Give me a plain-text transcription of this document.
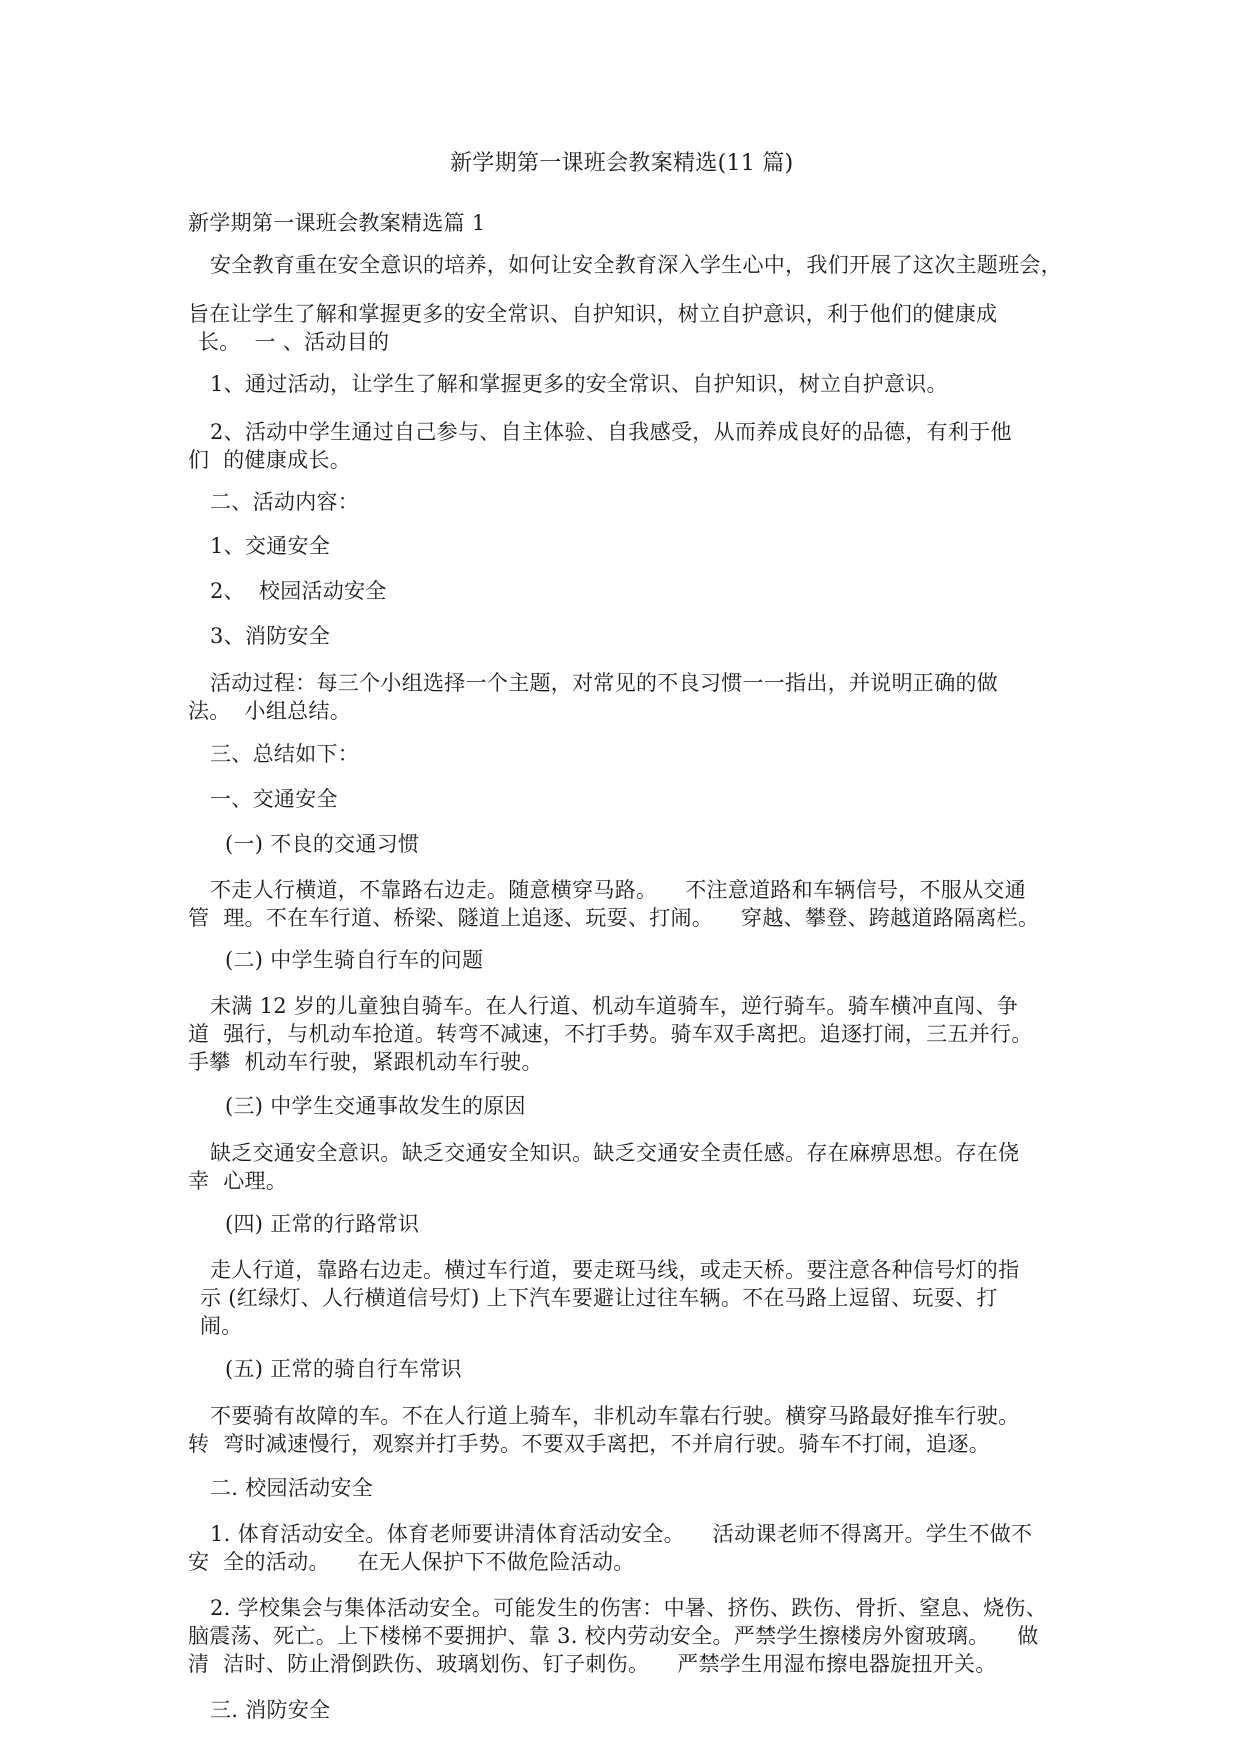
新学期第一课班会教案精选(11 篇)
新学期第一课班会教案精选篇 1
安全教育重在安全意识的培养，如何让安全教育深入学生心中，我们开展了这次主题班会，
旨在让学生了解和掌握更多的安全常识、自护知识，树立自护意识，利于他们的健康成
长。  一 、活动目的
1、通过活动，让学生了解和掌握更多的安全常识、自护知识，树立自护意识。
2、活动中学生通过自己参与、自主体验、自我感受，从而养成良好的品德，有利于他
们  的健康成长。
二、活动内容：
1、交通安全
2、  校园活动安全
3、消防安全
活动过程：每三个小组选择一个主题，对常见的不良习惯一一指出，并说明正确的做
法。  小组总结。
三、总结如下：
一、交通安全
(一) 不良的交通习惯
不走人行横道，不靠路右边走。随意横穿马路。    不注意道路和车辆信号，不服从交通
管  理。不在车行道、桥梁、隧道上追逐、玩耍、打闹。    穿越、攀登、跨越道路隔离栏。
(二) 中学生骑自行车的问题
未满 12 岁的儿童独自骑车。在人行道、机动车道骑车，逆行骑车。骑车横冲直闯、争
道  强行，与机动车抢道。转弯不减速，不打手势。骑车双手离把。追逐打闹，三五并行。
手攀  机动车行驶，紧跟机动车行驶。
(三) 中学生交通事故发生的原因
缺乏交通安全意识。缺乏交通安全知识。缺乏交通安全责任感。存在麻痹思想。存在侥
幸  心理。
(四) 正常的行路常识
走人行道，靠路右边走。横过车行道，要走斑马线，或走天桥。要注意各种信号灯的指
示 (红绿灯、人行横道信号灯) 上下汽车要避让过往车辆。不在马路上逗留、玩耍、打
闹。
(五) 正常的骑自行车常识
不要骑有故障的车。不在人行道上骑车，非机动车靠右行驶。横穿马路最好推车行驶。
转  弯时减速慢行，观察并打手势。不要双手离把，不并肩行驶。骑车不打闹，追逐。
二. 校园活动安全
1. 体育活动安全。体育老师要讲清体育活动安全。    活动课老师不得离开。学生不做不
安  全的活动。    在无人保护下不做危险活动。
2. 学校集会与集体活动安全。可能发生的伤害：中暑、挤伤、跌伤、骨折、窒息、烧伤、
脑震荡、死亡。上下楼梯不要拥护、靠 3. 校内劳动安全。严禁学生擦楼房外窗玻璃。    做
清  洁时、防止滑倒跌伤、玻璃划伤、钉子刺伤。    严禁学生用湿布擦电器旋扭开关。
三. 消防安全
